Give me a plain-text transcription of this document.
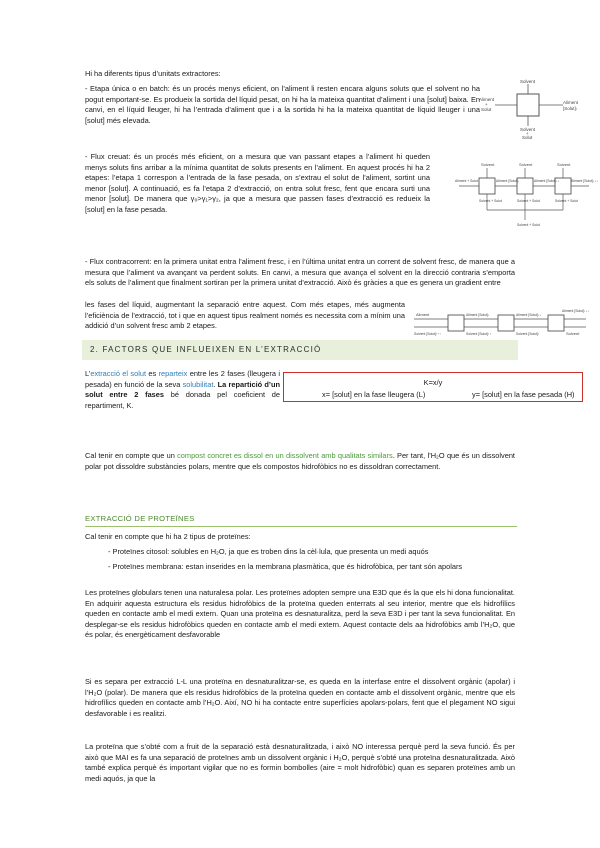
Hi ha diferents tipus d’unitats extractores:

- Etapa única o en batch: és un procés menys eficient, on l’aliment li resten encara alguns soluts que el solvent no ha pogut emportant-se. Es produeix la sortida del líquid pesat, on hi ha la mateixa quantitat d’aliment i una [solut] baixa. En canvi, en el líquid lleuger, hi ha l’entrada d’aliment que i a la sortida hi ha la mateixa quantitat de líquid lleuger i una [solut] més elevada.

Solvent
Aliment
+
Solut
Aliment
[Solut]↓
Solvent
+
Solut

- Flux creuat: és un procés més eficient, on a mesura que van passant etapes a l’aliment hi queden menys soluts fins arribar a la mínima quantitat de soluts presents en l’aliment. En aquest procés hi ha 2 etapes: l’etapa 1 correspon a l’entrada de la fase pesada, on s’extrau el solut de l’aliment, sortint una menor [solut]. A continuació, es fa l’etapa 2 d’extracció, on entra solut fresc, fent que encara surti una menor [solut]. De manera que γ₀>γ₁>γ₂, ja que a mesura que passen fases d’extracció es redueix la [solut] en la fase pesada.

Solvent	Solvent	Solvent
Aliment + Solut	Aliment [Solut]↓	Aliment [Solut]↓↓	Aliment [Solut]↓↓↓
Solvent + Solut	Solvent + Solut	Solvent + Solut
Solvent + Solut

- Flux contracorrent: en la primera unitat entra l’aliment fresc, i en l’última unitat entra un corrent de solvent fresc, de manera que a mesura que l’aliment va avançant va perdent soluts. En canvi, a mesura que avança el solvent en la direcció contraria s’emporta els soluts de l’aliment que finalment sortiran per la primera unitat d’extracció. Això és gràcies a que es genera un gradient entre

les fases del líquid, augmentant la separació entre aquest. Com més etapes, més augmenta l’eficiència de l’extracció, tot i que en aquest tipus realment només es necessita com a mínim una addició d’un solvent fresc amb 2 etapes.

Aliment	Aliment [Solut]↓	Aliment [Solut]↓↓
Aliment [Solut]↓↓↓
Solvent [Solut]↑↑↑	Solvent [Solut]↑↑	Solvent [Solut]↑	Solvent
2. FACTORS QUE INFLUEIXEN EN L’EXTRACCIÓ

L’extracció el solut es reparteix entre les 2 fases (lleugera i pesada) en funció de la seva solubilitat. La repartició d’un solut entre 2 fases bé donada pel coeficient de repartiment, K.

K=x/y
x= [solut] en la fase lleugera (L)	y= [solut] en la fase pesada (H)

Cal tenir en compte que un compost concret es dissol en un dissolvent amb qualitats similars. Per tant, l’H₂O que és un dissolvent polar pot dissoldre substàncies polars, mentre que els compostos hidrofòbics no es dissoldran correctament.

EXTRACCIÓ DE PROTEÏNES

Cal tenir en compte que hi ha 2 tipus de proteïnes:

- Proteïnes citosol: solubles en H₂O, ja que es troben dins la cèl·lula, que presenta un medi aquós

- Proteïnes membrana: estan inserides en la membrana plasmàtica, que és hidrofòbica, per tant són apolars

Les proteïnes globulars tenen una naturalesa polar. Les proteïnes adopten sempre una E3D que és la que els hi dona funcionalitat. En adquirir aquesta estructura els residus hidrofòbics de la proteïna queden enterrats al seu interior, mentre que els hidrofílics queden en contacte amb el medi extern. Quan una proteïna es desnaturalitza, perd la seva E3D i per tant la seva funcionalitat. En desplegar-se els residus hidrofòbics queden en contacte amb el medi extern. Aquest contacte dels aa hidrofòbics amb l’H₂O, que és polar, és energèticament desfavorable

Si es separa per extracció L-L una proteïna en desnaturalitzar-se, es queda en la interfase entre el dissolvent orgànic (apolar) i l’H₂O (polar). De manera que els residus hidrofòbics de la proteïna queden en contacte amb el dissolvent orgànic, mentre que els hidrofílics queden en contacte amb l’H₂O. Així, NO hi ha contacte entre superfícies apolars-polars, fent que el plegament NO sigui desfavorable i es realitzi.

La proteïna que s’obté com a fruit de la separació està desnaturalitzada, i això NO interessa perquè perd la seva funció. És per això que MAI es fa una separació de proteïnes amb un dissolvent orgànic i H₂O, perquè s’obté una proteïna desnaturalitzada. Això també explica perquè és important vigilar que no es formin bombolles (aire = molt hidrofòbic) quan es separen proteïnes amb un medi aquós, ja que la
